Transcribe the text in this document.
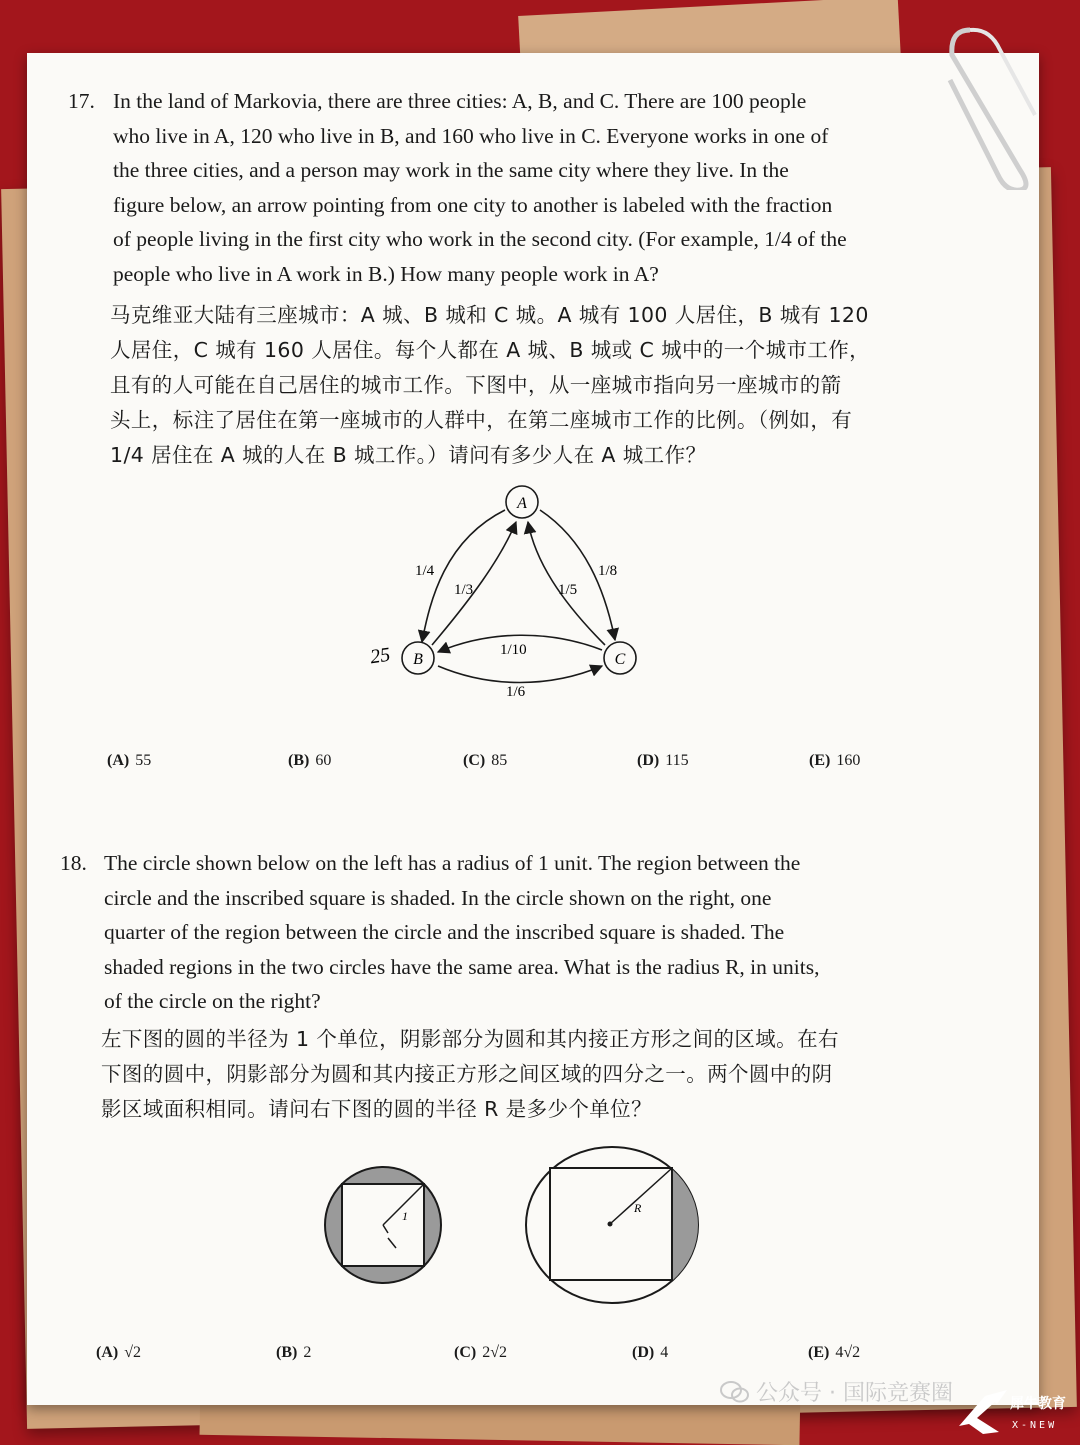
17. In the land of Markovia, there are three cities: A, B, and C. There are 100 people

who live in A, 120 who live in B, and 160 who live in C. Everyone works in one of

the three cities, and a person may work in the same city where they live. In the

figure below, an arrow pointing from one city to another is labeled with the fraction

of people living in the first city who work in the second city. (For example, 1/4 of the

people who live in A work in B.) How many people work in A?

马克维亚大陆有三座城市：A 城、B 城和 C 城。A 城有 100 人居住，B 城有 120

人居住，C 城有 160 人居住。每个人都在 A 城、B 城或 C 城中的一个城市工作，

且有的人可能在自己居住的城市工作。下图中，从一座城市指向另一座城市的箭

头上，标注了居住在第一座城市的人群中，在第二座城市工作的比例。（例如，有

1/4 居住在 A 城的人在 B 城工作。）请问有多少人在 A 城工作？

A
B	C
1/4
1/3	1/5
1/8
1/10
1/6
25
(A) 55	(B) 60	(C) 85	(D) 115	(E) 160
18. The circle shown below on the left has a radius of 1 unit. The region between the

circle and the inscribed square is shaded. In the circle shown on the right, one

quarter of the region between the circle and the inscribed square is shaded. The

shaded regions in the two circles have the same area. What is the radius R, in units,

of the circle on the right?

左下图的圆的半径为 1 个单位，阴影部分为圆和其内接正方形之间的区域。在右

下图的圆中，阴影部分为圆和其内接正方形之间区域的四分之一。两个圆中的阴

影区域面积相同。请问右下图的圆的半径 R 是多少个单位？

1
R
(A) √2	(B) 2	(C) 2√2	(D) 4	(E) 4√2
公众号 · 国际竞赛圈	犀牛教育
X-NEW
